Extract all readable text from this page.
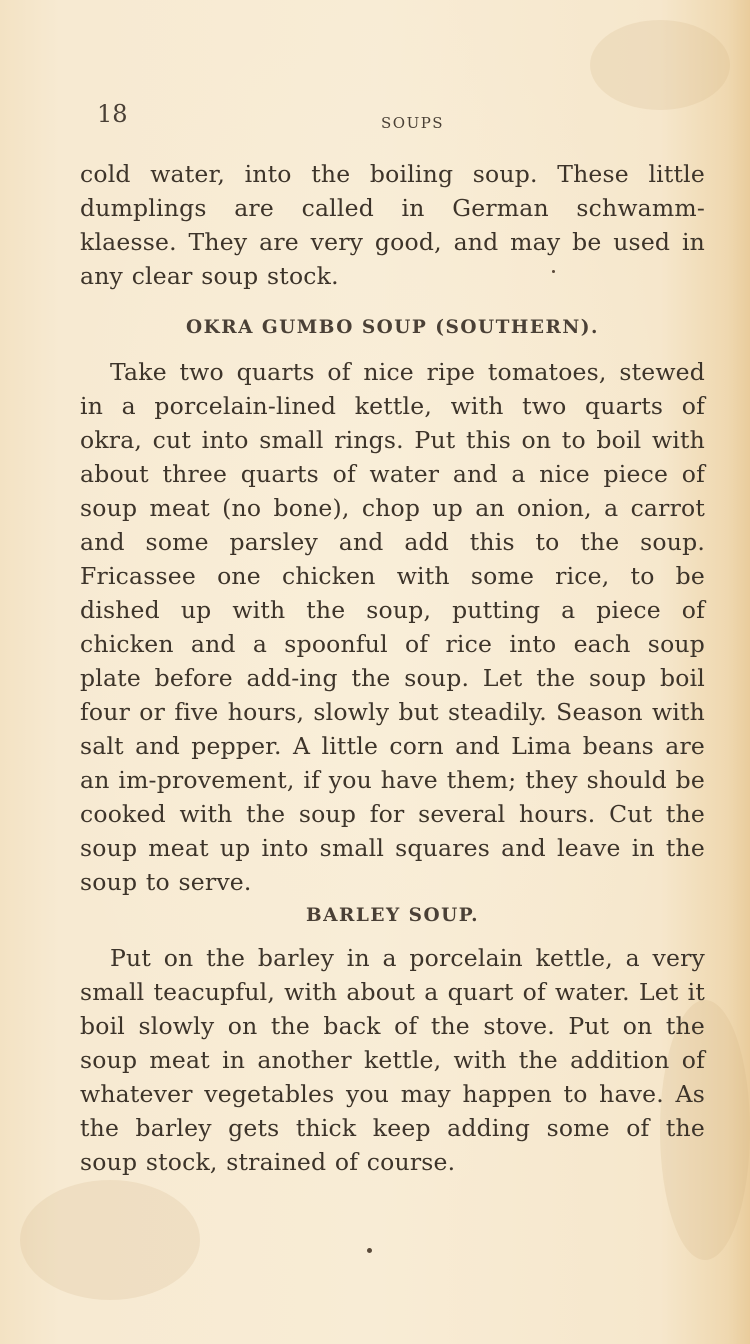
18	SOUPS

cold water, into the boiling soup. These little dumplings are called in German schwamm-klaesse. They are very good, and may be used in any clear soup stock.

OKRA GUMBO SOUP (SOUTHERN).

Take two quarts of nice ripe tomatoes, stewed in a porcelain-lined kettle, with two quarts of okra, cut into small rings. Put this on to boil with about three quarts of water and a nice piece of soup meat (no bone), chop up an onion, a carrot and some parsley and add this to the soup. Fricassee one chicken with some rice, to be dished up with the soup, putting a piece of chicken and a spoonful of rice into each soup plate before add-ing the soup. Let the soup boil four or five hours, slowly but steadily. Season with salt and pepper. A little corn and Lima beans are an im-provement, if you have them; they should be cooked with the soup for several hours. Cut the soup meat up into small squares and leave in the soup to serve.

BARLEY SOUP.

Put on the barley in a porcelain kettle, a very small teacupful, with about a quart of water. Let it boil slowly on the back of the stove. Put on the soup meat in another kettle, with the addition of whatever vegetables you may happen to have. As the barley gets thick keep adding some of the soup stock, strained of course.
